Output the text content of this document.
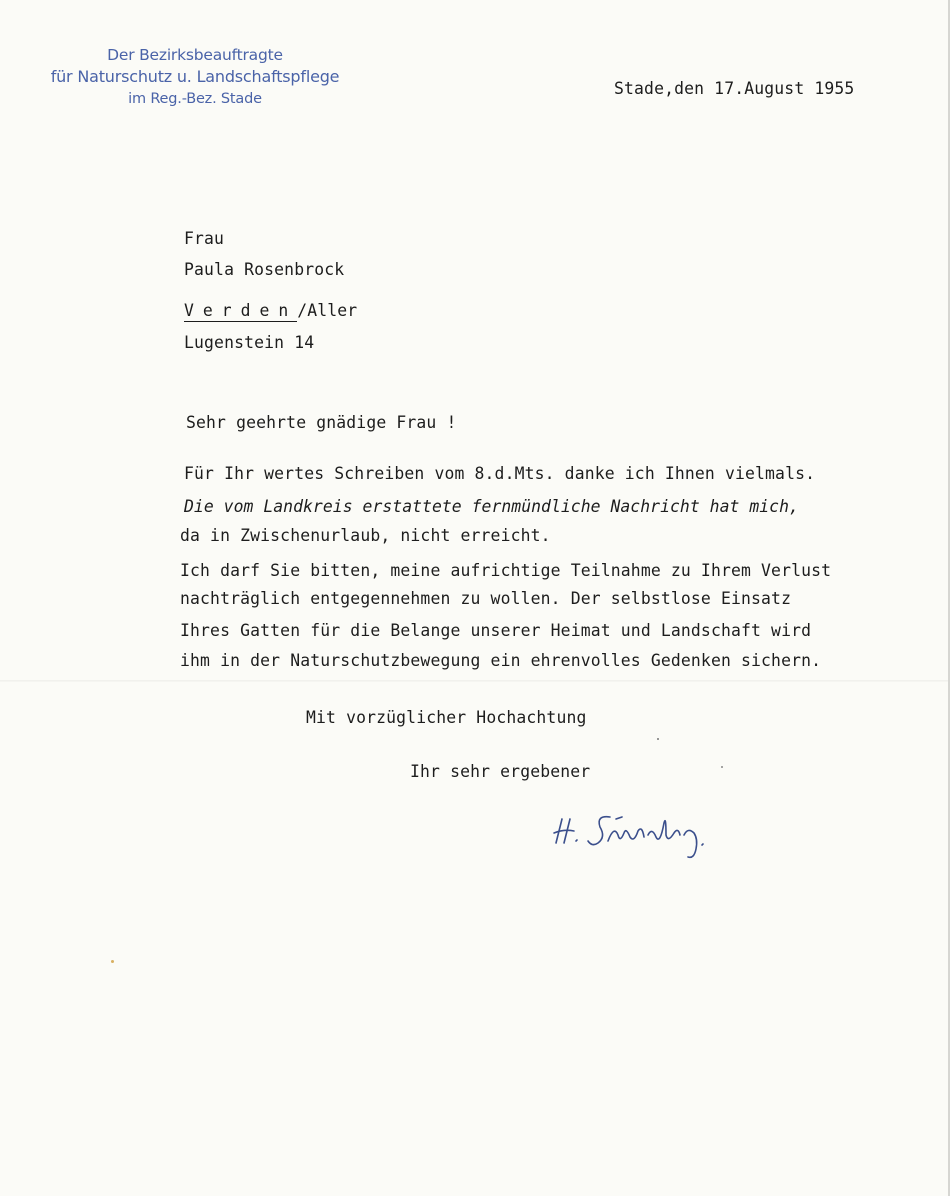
Der Bezirksbeauftragte
für Naturschutz u. Landschaftspflege
im Reg.-Bez. Stade
Stade,den 17.August 1955
Frau
Paula Rosenbrock
Verden/Aller
Lugenstein 14
Sehr geehrte gnädige Frau !
Für Ihr wertes Schreiben vom 8.d.Mts. danke ich Ihnen vielmals.
Die vom Landkreis erstattete fernmündliche Nachricht hat mich,
da in Zwischenurlaub, nicht erreicht.
Ich darf Sie bitten, meine aufrichtige Teilnahme zu Ihrem Verlust
nachträglich entgegennehmen zu wollen. Der selbstlose Einsatz
Ihres Gatten für die Belange unserer Heimat und Landschaft wird
ihm in der Naturschutzbewegung ein ehrenvolles Gedenken sichern.
Mit vorzüglicher Hochachtung
Ihr sehr ergebener
